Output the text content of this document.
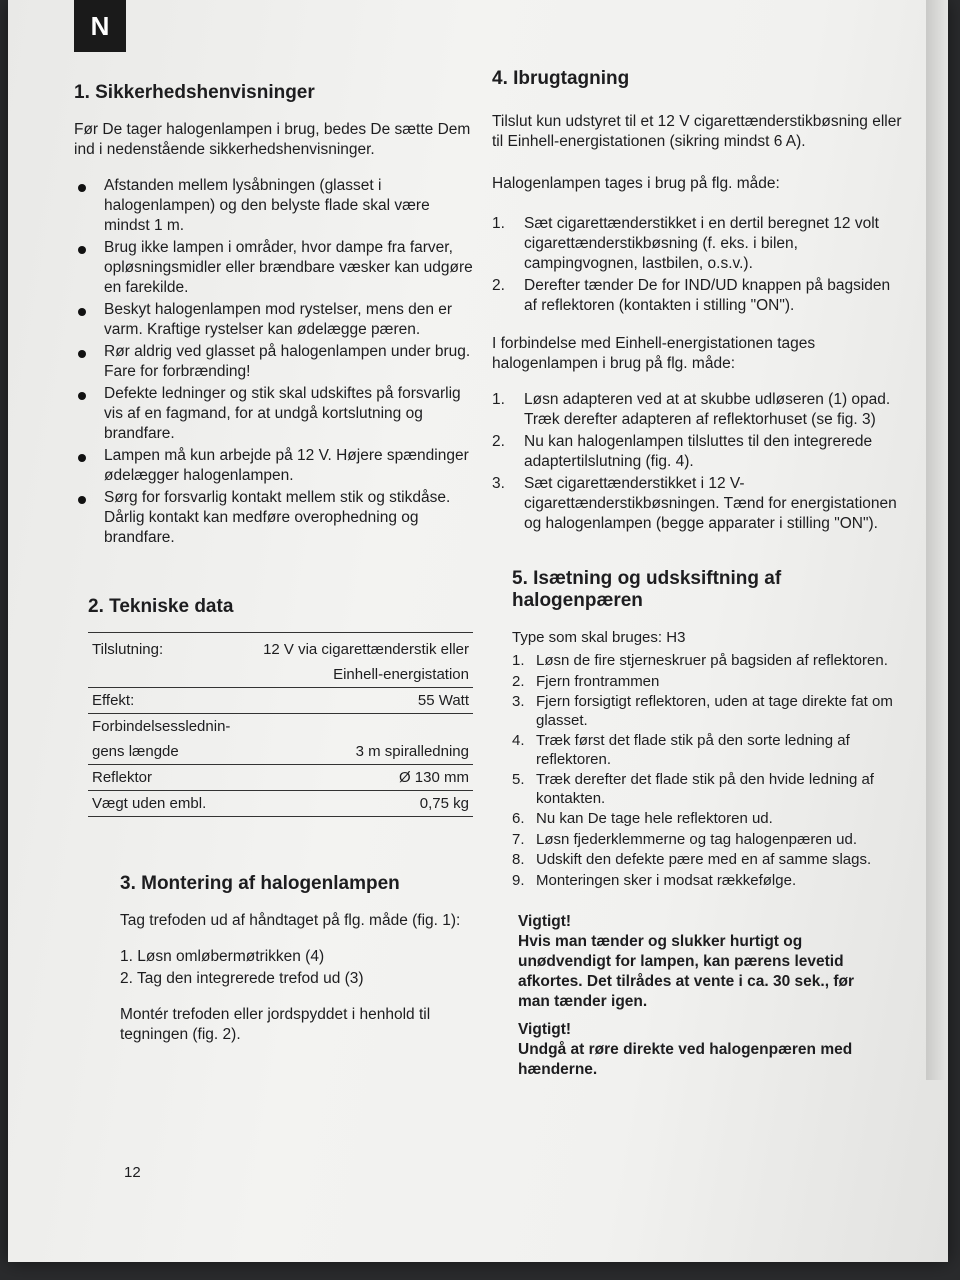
N
1. Sikkerhedshenvisninger

Før De tager halogenlampen i brug, bedes De sætte Dem ind i nedenstående sikkerhedshenvisninger.

Afstanden mellem lysåbningen (glasset i halogenlampen) og den belyste flade skal være mindst 1 m.
Brug ikke lampen i områder, hvor dampe fra farver, opløsningsmidler eller brændbare væsker kan udgøre en farekilde.
Beskyt halogenlampen mod rystelser, mens den er varm. Kraftige rystelser kan ødelægge pæren.
Rør aldrig ved glasset på halogenlampen under brug. Fare for forbrænding!
Defekte ledninger og stik skal udskiftes på forsvarlig vis af en fagmand, for at undgå kortslutning og brandfare.
Lampen må kun arbejde på 12 V. Højere spændinger ødelægger halogenlampen.
Sørg for forsvarlig kontakt mellem stik og stikdåse. Dårlig kontakt kan medføre overophedning og brandfare.
2. Tekniske data
Tilslutning:	12 V via cigarettænderstik eller
	Einhell-energistation
Effekt:	55 Watt
Forbindelsesslednin-	
gens længde	3 m spiralledning
Reflektor	Ø 130 mm
Vægt uden embl.	0,75 kg
3. Montering af halogenlampen

Tag trefoden ud af håndtaget på flg. måde (fig. 1):

1. Løsn omløbermøtrikken (4)

2. Tag den integrerede trefod ud (3)

Montér trefoden eller jordspyddet i henhold til tegningen (fig. 2).

4. Ibrugtagning

Tilslut kun udstyret til et 12 V cigarettænderstikbøsning eller til Einhell-energistationen (sikring mindst 6 A).

Halogenlampen tages i brug på flg. måde:

1. Sæt cigarettænderstikket i en dertil beregnet 12 volt cigarettænderstikbøsning (f. eks. i bilen, campingvognen, lastbilen, o.s.v.).
2. Derefter tænder De for IND/UD knappen på bagsiden af reflektoren (kontakten i stilling "ON").

I forbindelse med Einhell-energistationen tages halogenlampen i brug på flg. måde:

1. Løsn adapteren ved at at skubbe udløseren (1) opad. Træk derefter adapteren af reflektorhuset (se fig. 3)
2. Nu kan halogenlampen tilsluttes til den integrerede adaptertilslutning (fig. 4).
3. Sæt cigarettænderstikket i 12 V-cigarettænderstikbøsningen. Tænd for energistationen og halogenlampen (begge apparater i stilling "ON").
5. Isætning og udsksiftning af halogenpæren

Type som skal bruges: H3

1. Løsn de fire stjerneskruer på bagsiden af reflektoren.
2. Fjern frontrammen
3. Fjern forsigtigt reflektoren, uden at tage direkte fat om glasset.
4. Træk først det flade stik på den sorte ledning af reflektoren.
5. Træk derefter det flade stik på den hvide ledning af kontakten.
6. Nu kan De tage hele reflektoren ud.
7. Løsn fjederklemmerne og tag halogenpæren ud.
8. Udskift den defekte pære med en af samme slags.
9. Monteringen sker i modsat rækkefølge.

Vigtigt!

Hvis man tænder og slukker hurtigt og unødvendigt for lampen, kan pærens levetid afkortes. Det tilrådes at vente i ca. 30 sek., før man tænder igen.

Vigtigt!

Undgå at røre direkte ved halogenpæren med hænderne.

12
